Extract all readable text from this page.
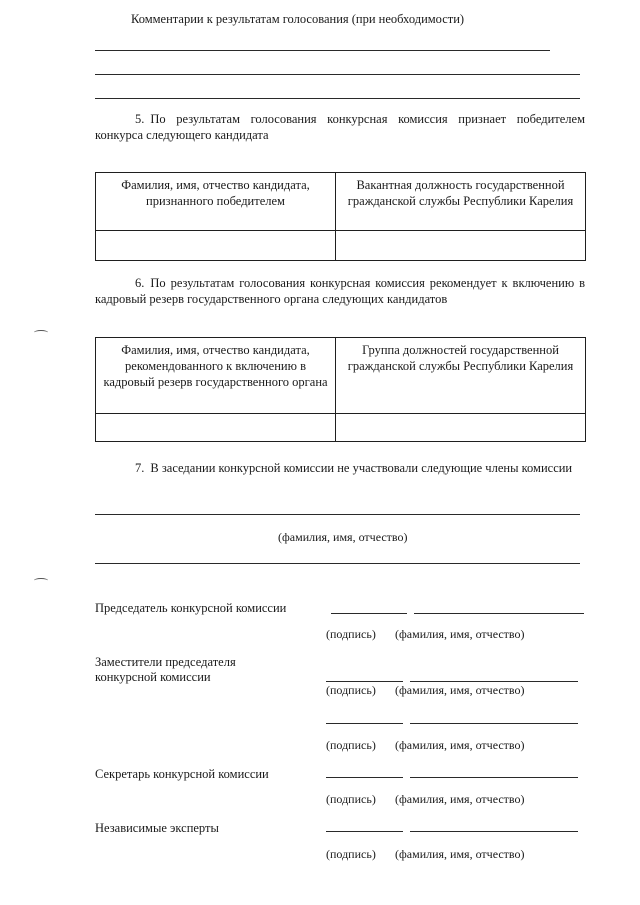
Комментарии к результатам голосования (при необходимости)
5. По результатам голосования конкурсная комиссия признает победителем конкурса следующего кандидата
Фамилия, имя, отчество кандидата, признанного победителем	Вакантная должность государственной гражданской службы Республики Карелия

6. По результатам голосования конкурсная комиссия рекомендует к включению в кадровый резерв государственного органа следующих кандидатов
Фамилия, имя, отчество кандидата, рекомендованного к включению в кадровый резерв государственного органа	Группа должностей государственной гражданской службы Республики Карелия

7. В заседании конкурсной комиссии не участвовали следующие члены комиссии
(фамилия, имя, отчество)
Председатель конкурсной комиссии
(подпись) (фамилия, имя, отчество)
Заместители председателя
конкурсной комиссии
(подпись) (фамилия, имя, отчество)
(подпись) (фамилия, имя, отчество)
Секретарь конкурсной комиссии
(подпись) (фамилия, имя, отчество)
Независимые эксперты
(подпись) (фамилия, имя, отчество)
